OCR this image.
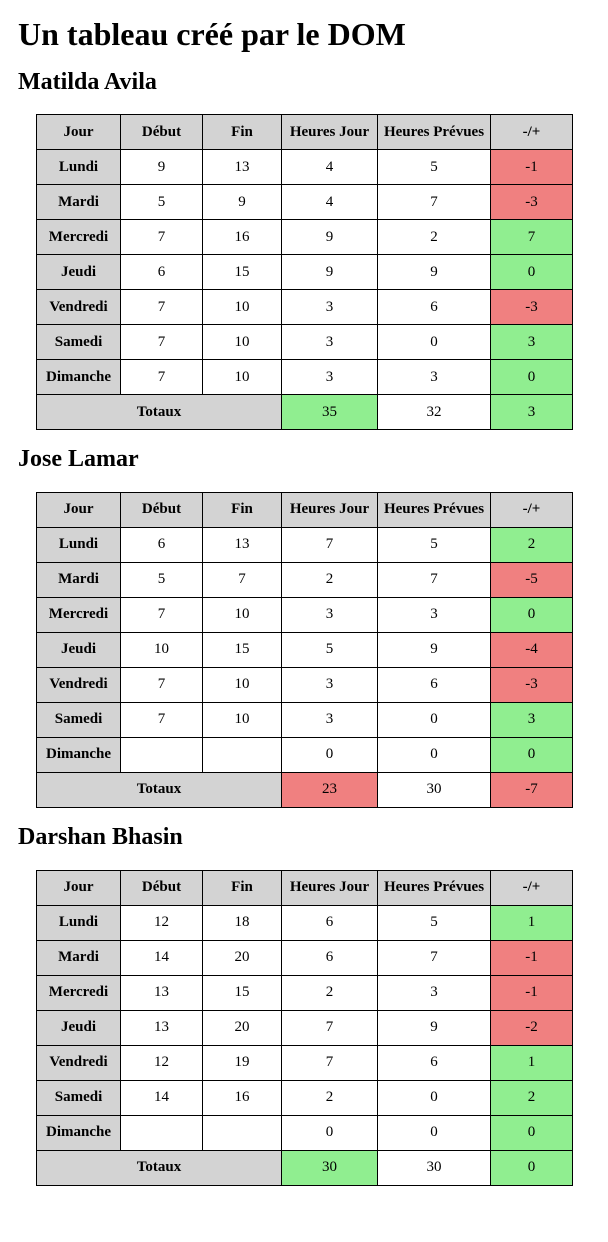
Un tableau créé par le DOM
Matilda Avila
Jour	Début	Fin	Heures Jour	Heures Prévues	-/+
Lundi	9	13	4	5	-1
Mardi	5	9	4	7	-3
Mercredi	7	16	9	2	7
Jeudi	6	15	9	9	0
Vendredi	7	10	3	6	-3
Samedi	7	10	3	0	3
Dimanche	7	10	3	3	0
Totaux			35	32	3
Jose Lamar
Jour	Début	Fin	Heures Jour	Heures Prévues	-/+
Lundi	6	13	7	5	2
Mardi	5	7	2	7	-5
Mercredi	7	10	3	3	0
Jeudi	10	15	5	9	-4
Vendredi	7	10	3	6	-3
Samedi	7	10	3	0	3
Dimanche			0	0	0
Totaux			23	30	-7
Darshan Bhasin
Jour	Début	Fin	Heures Jour	Heures Prévues	-/+
Lundi	12	18	6	5	1
Mardi	14	20	6	7	-1
Mercredi	13	15	2	3	-1
Jeudi	13	20	7	9	-2
Vendredi	12	19	7	6	1
Samedi	14	16	2	0	2
Dimanche			0	0	0
Totaux			30	30	0
